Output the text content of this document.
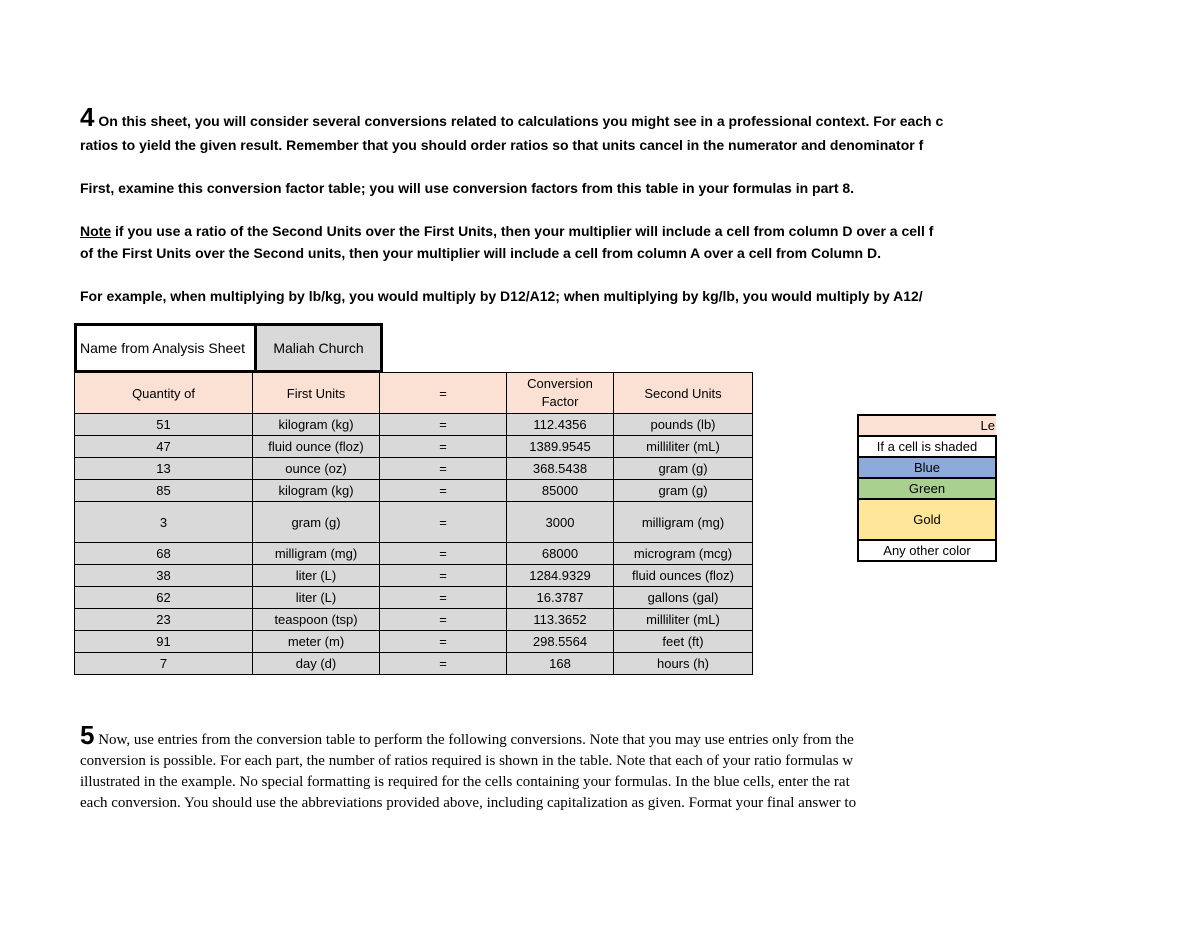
4 On this sheet, you will consider several conversions related to calculations you might see in a professional context. For each c
ratios to yield the given result. Remember that you should order ratios so that units cancel in the numerator and denominator f
First, examine this conversion factor table; you will use conversion factors from this table in your formulas in part 8.
Note if you use a ratio of the Second Units over the First Units, then your multiplier will include a cell from column D over a cell f
of the First Units over the Second units, then your multiplier will include a cell from column A over a cell from Column D.
For example, when multiplying by lb/kg, you would multiply by D12/A12; when multiplying by kg/lb, you would multiply by A12/
Name from Analysis Sheet	Maliah Church
Quantity of	First Units	=	Conversion Factor	Second Units
51	kilogram (kg)	=	112.4356	pounds (lb)
47	fluid ounce (floz)	=	1389.9545	milliliter (mL)
13	ounce (oz)	=	368.5438	gram (g)
85	kilogram (kg)	=	85000	gram (g)
3	gram (g)	=	3000	milligram (mg)
68	milligram (mg)	=	68000	microgram (mcg)
38	liter (L)	=	1284.9329	fluid ounces (floz)
62	liter (L)	=	16.3787	gallons (gal)
23	teaspoon (tsp)	=	113.3652	milliliter (mL)
91	meter (m)	=	298.5564	feet (ft)
7	day (d)	=	168	hours (h)
Le
If a cell is shaded
Blue
Green
Gold
Any other color
5 Now, use entries from the conversion table to perform the following conversions. Note that you may use entries only from the
conversion is possible. For each part, the number of ratios required is shown in the table. Note that each of your ratio formulas w
illustrated in the example. No special formatting is required for the cells containing your formulas. In the blue cells, enter the rat
each conversion. You should use the abbreviations provided above, including capitalization as given. Format your final answer to
